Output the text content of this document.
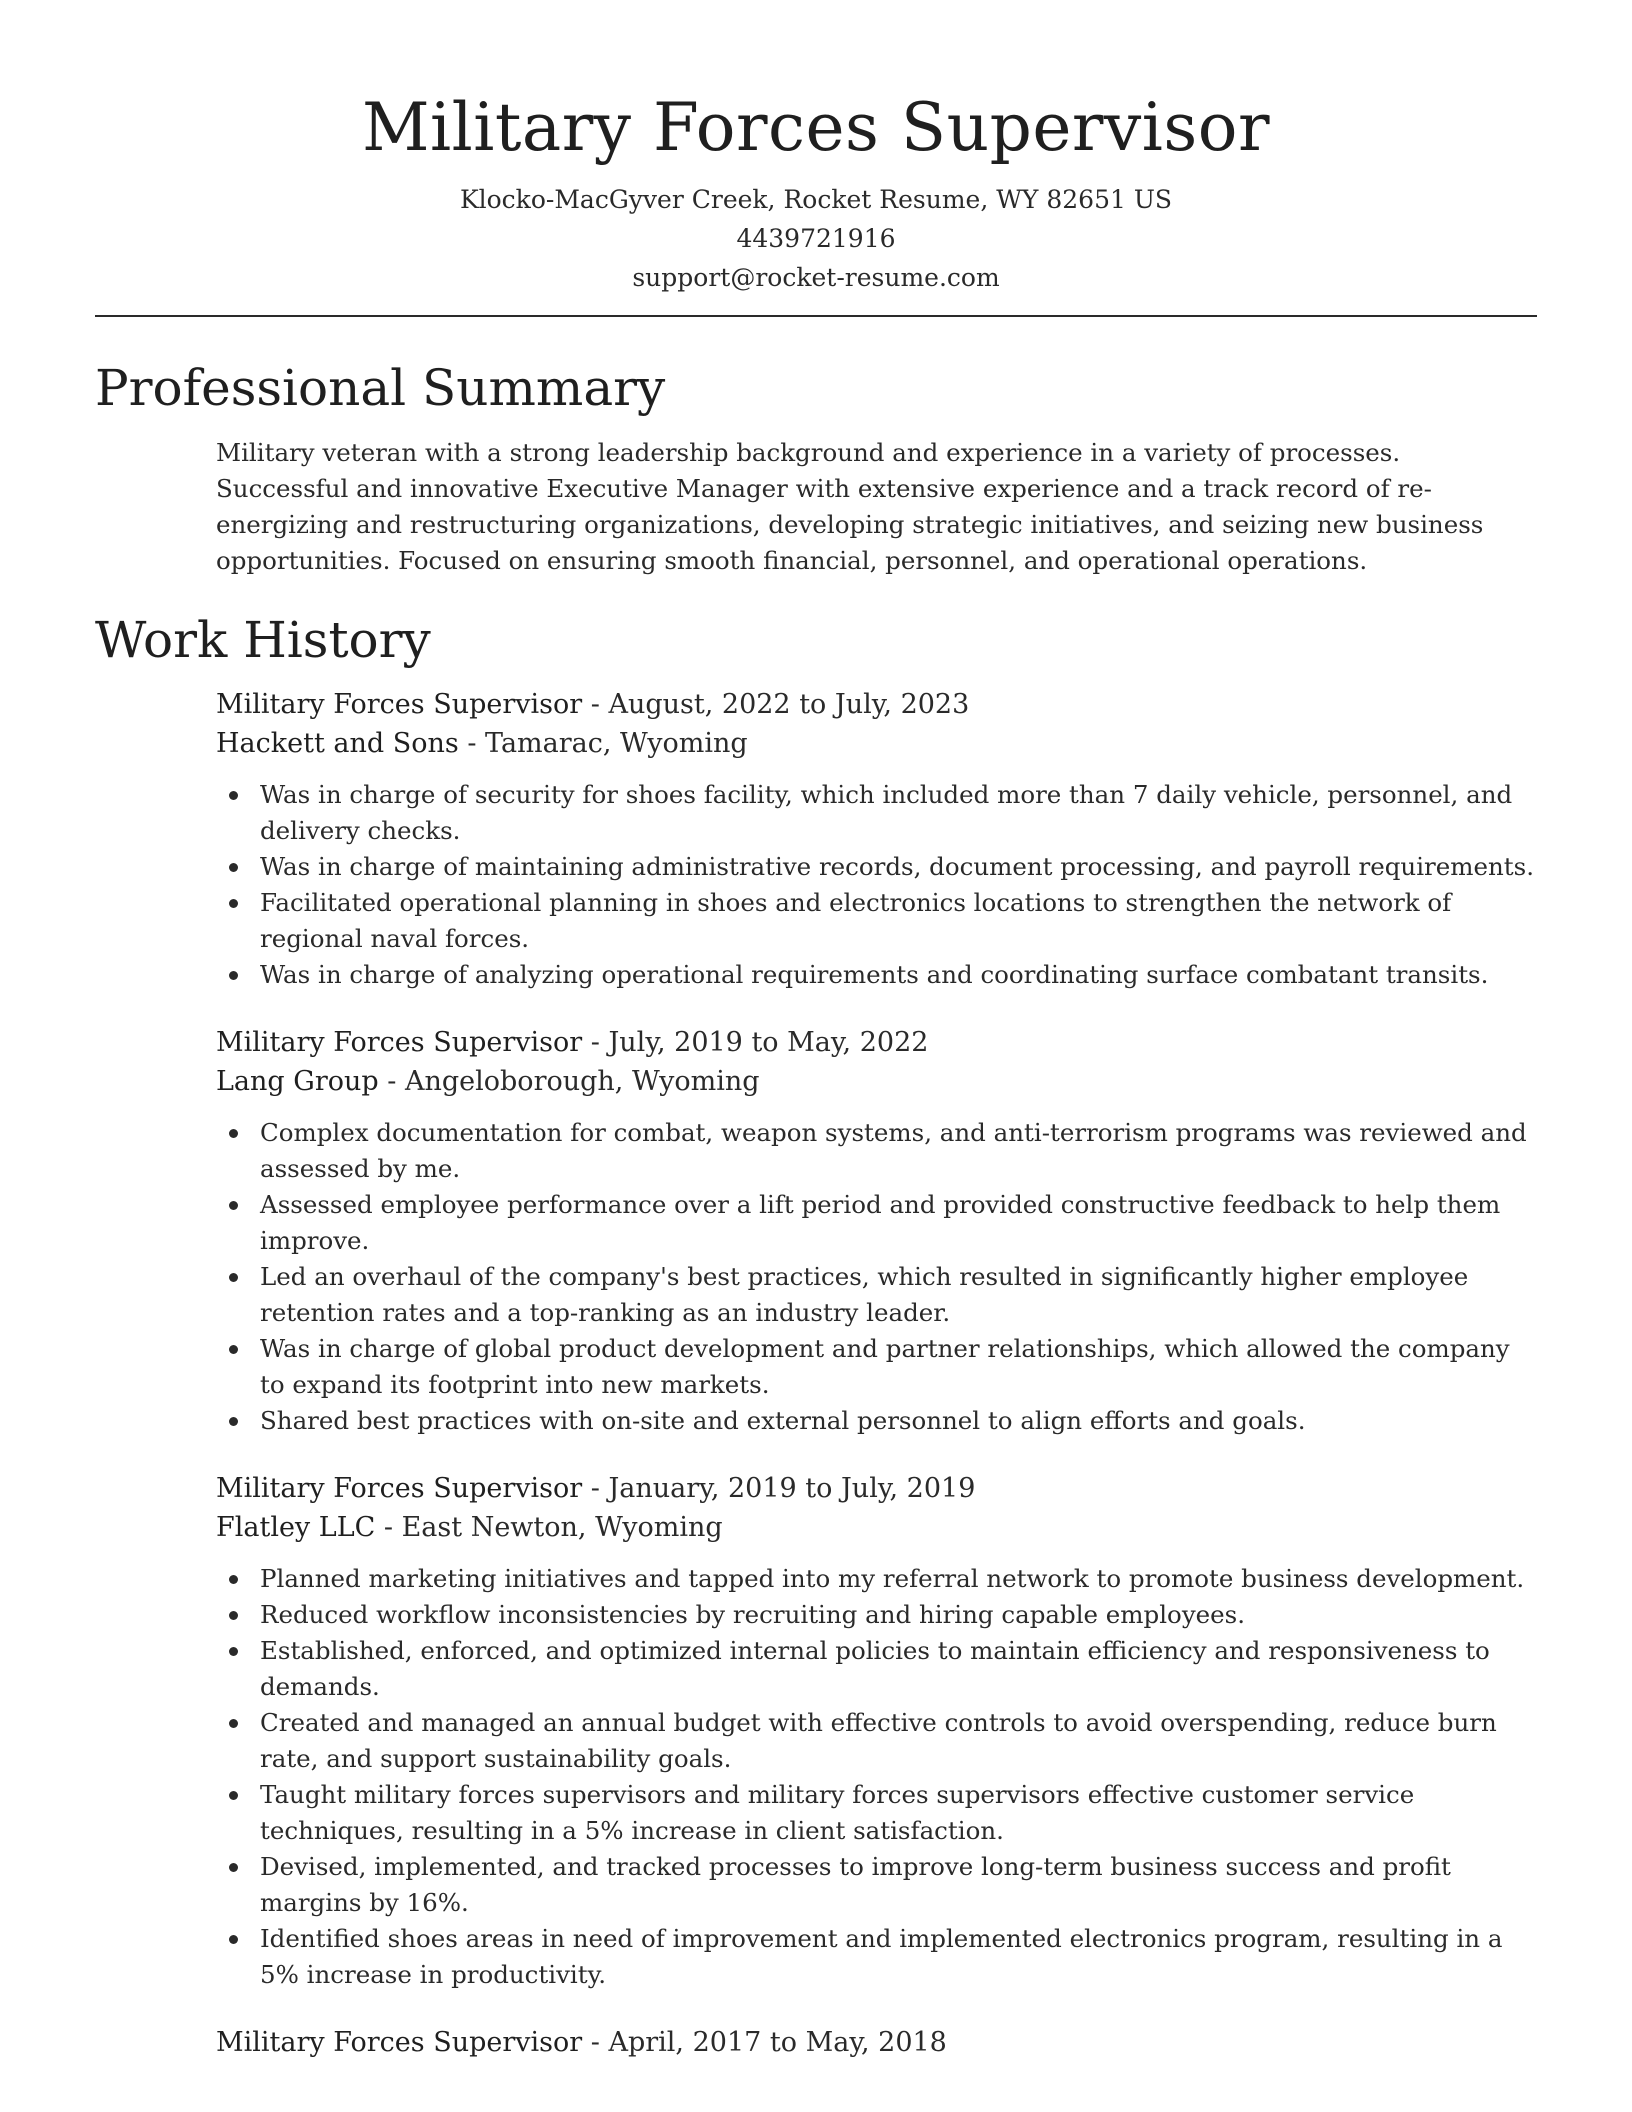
Military Forces Supervisor
Klocko-MacGyver Creek, Rocket Resume, WY 82651 US
4439721916
support@rocket-resume.com
Professional Summary

Military veteran with a strong leadership background and experience in a variety of processes. Successful and innovative Executive Manager with extensive experience and a track record of re-energizing and restructuring organizations, developing strategic initiatives, and seizing new business opportunities. Focused on ensuring smooth financial, personnel, and operational operations.

Work History
Military Forces Supervisor - August, 2022 to July, 2023
Hackett and Sons - Tamarac, Wyoming
Was in charge of security for shoes facility, which included more than 7 daily vehicle, personnel, and delivery checks.
Was in charge of maintaining administrative records, document processing, and payroll requirements.
Facilitated operational planning in shoes and electronics locations to strengthen the network of regional naval forces.
Was in charge of analyzing operational requirements and coordinating surface combatant transits.
Military Forces Supervisor - July, 2019 to May, 2022
Lang Group - Angeloborough, Wyoming
Complex documentation for combat, weapon systems, and anti-terrorism programs was reviewed and assessed by me.
Assessed employee performance over a lift period and provided constructive feedback to help them improve.
Led an overhaul of the company's best practices, which resulted in significantly higher employee retention rates and a top-ranking as an industry leader.
Was in charge of global product development and partner relationships, which allowed the company to expand its footprint into new markets.
Shared best practices with on-site and external personnel to align efforts and goals.
Military Forces Supervisor - January, 2019 to July, 2019
Flatley LLC - East Newton, Wyoming
Planned marketing initiatives and tapped into my referral network to promote business development.
Reduced workflow inconsistencies by recruiting and hiring capable employees.
Established, enforced, and optimized internal policies to maintain efficiency and responsiveness to demands.
Created and managed an annual budget with effective controls to avoid overspending, reduce burn rate, and support sustainability goals.
Taught military forces supervisors and military forces supervisors effective customer service techniques, resulting in a 5% increase in client satisfaction.
Devised, implemented, and tracked processes to improve long-term business success and profit margins by 16%.
Identified shoes areas in need of improvement and implemented electronics program, resulting in a 5% increase in productivity.
Military Forces Supervisor - April, 2017 to May, 2018
